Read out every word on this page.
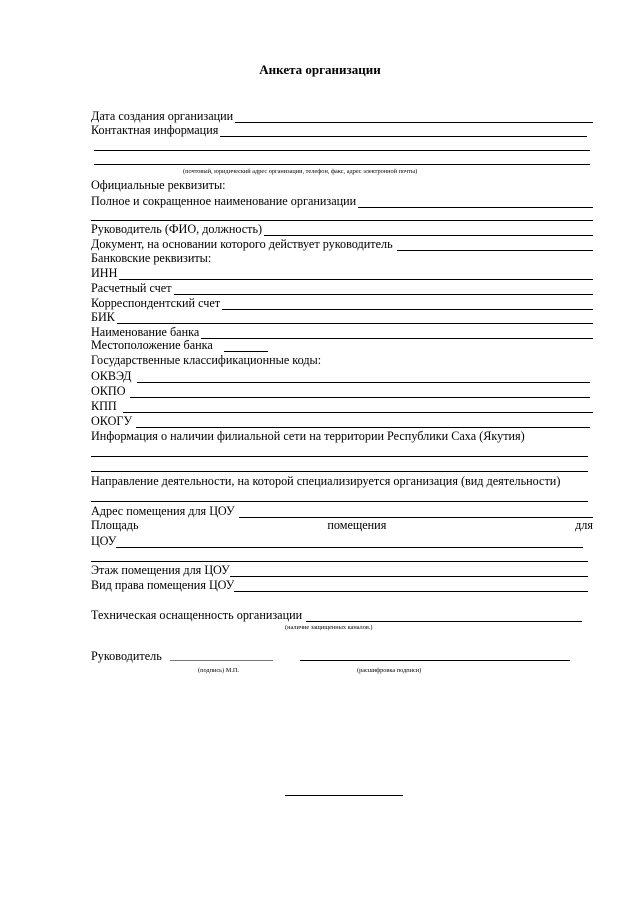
Анкета организации
Дата создания организации
Контактная информация
(почтовый, юридический адрес организации, телефон, факс, адрес электронной почты)
Официальные реквизиты:
Полное и сокращенное наименование организации
Руководитель (ФИО, должность)
Документ, на основании которого действует руководитель
Банковские реквизиты:
ИНН
Расчетный счет
Корреспондентский счет
БИК
Наименование банка
Местоположение банка
Государственные классификационные коды:
ОКВЭД
ОКПО
КПП
ОКОГУ
Информация о наличии филиальной сети на территории Республики Саха (Якутия)
Направление деятельности, на которой специализируется организация (вид деятельности)
Адрес помещения для ЦОУ
Площадь	помещения	для
ЦОУ
Этаж помещения для ЦОУ
Вид права помещения ЦОУ
Техническая оснащенность организации
(наличие защищенных каналов.)
Руководитель
(подпись) М.П.	(расшифровка подписи)
